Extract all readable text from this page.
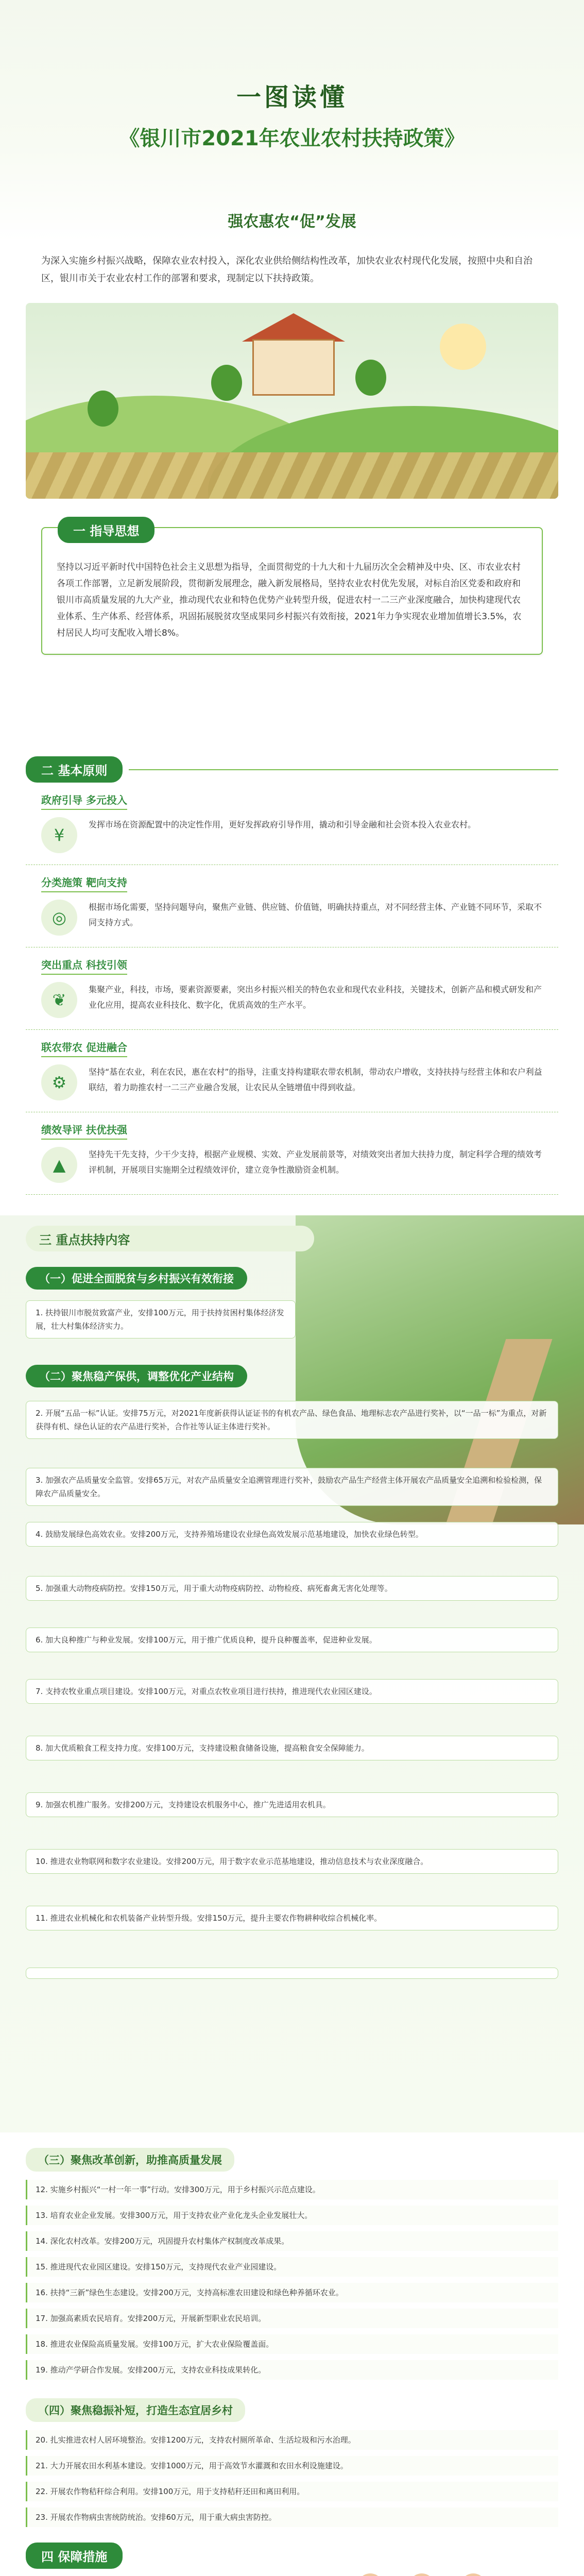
一图读懂
《银川市2021年农业农村扶持政策》
强农惠农“促”发展
为深入实施乡村振兴战略，保障农业农村投入，深化农业供给侧结构性改革，加快农业农村现代化发展，按照中央和自治区，银川市关于农业农村工作的部署和要求，现制定以下扶持政策。
一 指导思想
坚持以习近平新时代中国特色社会主义思想为指导，全面贯彻党的十九大和十九届历次全会精神及中央、区、市农业农村各项工作部署，立足新发展阶段，贯彻新发展理念，融入新发展格局，坚持农业农村优先发展，对标自治区党委和政府和银川市高质量发展的九大产业，推动现代农业和特色优势产业转型升级，促进农村一二三产业深度融合，加快构建现代农业体系、生产体系、经营体系，巩固拓展脱贫攻坚成果同乡村振兴有效衔接，2021年力争实现农业增加值增长3.5%，农村居民人均可支配收入增长8%。
二 基本原则
政府引导 多元投入
¥
发挥市场在资源配置中的决定性作用，更好发挥政府引导作用，撬动和引导金融和社会资本投入农业农村。
分类施策 靶向支持
◎
根据市场化需要，坚持问题导向，聚焦产业链、供应链、价值链，明确扶持重点，对不同经营主体、产业链不同环节，采取不同支持方式。
突出重点 科技引领
❦
集聚产业，科技，市场，要素资源要素，突出乡村振兴相关的特色农业和现代农业科技，关键技术，创新产品和模式研发和产业化应用，提高农业科技化、数字化，优质高效的生产水平。
联农带农 促进融合
⚙
坚持“基在农业，利在农民，惠在农村”的指导，注重支持构建联农带农机制，带动农户增收，支持扶持与经营主体和农户利益联结，着力助推农村一二三产业融合发展，让农民从全链增值中得到收益。
绩效导评 扶优扶强
▲
坚持先干先支持，少干少支持，根据产业规模、实效、产业发展前景等，对绩效突出者加大扶持力度，制定科学合理的绩效考评机制，开展项目实施期全过程绩效评价，建立竞争性激励资金机制。
三 重点扶持内容
（一）促进全面脱贫与乡村振兴有效衔接
1. 扶持银川市脱贫致富产业，安排100万元，用于扶持贫困村集体经济发展，壮大村集体经济实力。
（二）聚焦稳产保供，调整优化产业结构
2. 开展“五品一标”认证。安排75万元，对2021年度新获得认证证书的有机农产品、绿色食品、地理标志农产品进行奖补，以“一品一标”为重点，对新获得有机、绿色认证的农产品进行奖补，合作社等认证主体进行奖补。
3. 加强农产品质量安全监管。安排65万元，对农产品质量安全追溯管理进行奖补，鼓励农产品生产经营主体开展农产品质量安全追溯和检验检测，保障农产品质量安全。
4. 鼓励发展绿色高效农业。安排200万元，支持养殖场建设农业绿色高效发展示范基地建设，加快农业绿色转型。
5. 加强重大动物疫病防控。安排150万元，用于重大动物疫病防控、动物检疫、病死畜禽无害化处理等。
6. 加大良种推广与种业发展。安排100万元，用于推广优质良种，提升良种覆盖率，促进种业发展。
7. 支持农牧业重点项目建设。安排100万元，对重点农牧业项目进行扶持，推进现代农业园区建设。
8. 加大优质粮食工程支持力度。安排100万元，支持建设粮食储备设施，提高粮食安全保障能力。
9. 加强农机推广服务。安排200万元，支持建设农机服务中心，推广先进适用农机具。
10. 推进农业物联网和数字农业建设。安排200万元，用于数字农业示范基地建设，推动信息技术与农业深度融合。
11. 推进农业机械化和农机装备产业转型升级。安排150万元，提升主要农作物耕种收综合机械化率。
（三）聚焦改革创新，助推高质量发展
12. 实施乡村振兴“一村一年一事”行动。安排300万元，用于乡村振兴示范点建设。
13. 培育农业企业发展。安排300万元，用于支持农业产业化龙头企业发展壮大。
14. 深化农村改革。安排200万元，巩固提升农村集体产权制度改革成果。
15. 推进现代农业园区建设。安排150万元，支持现代农业产业园建设。
16. 扶持“三新”绿色生态建设。安排200万元，支持高标准农田建设和绿色种养循环农业。
17. 加强高素质农民培育。安排200万元，开展新型职业农民培训。
18. 推进农业保险高质量发展。安排100万元，扩大农业保险覆盖面。
19. 推动产学研合作发展。安排200万元，支持农业科技成果转化。
（四）聚焦稳振补短，打造生态宜居乡村
20. 扎实推进农村人居环境整治。安排1200万元，支持农村厕所革命、生活垃圾和污水治理。
21. 大力开展农田水利基本建设。安排1000万元，用于高效节水灌溉和农田水利设施建设。
22. 开展农作物秸秆综合利用。安排100万元，用于支持秸秆还田和离田利用。
23. 开展农作物病虫害统防统治。安排60万元，用于重大病虫害防控。
四 保障措施
